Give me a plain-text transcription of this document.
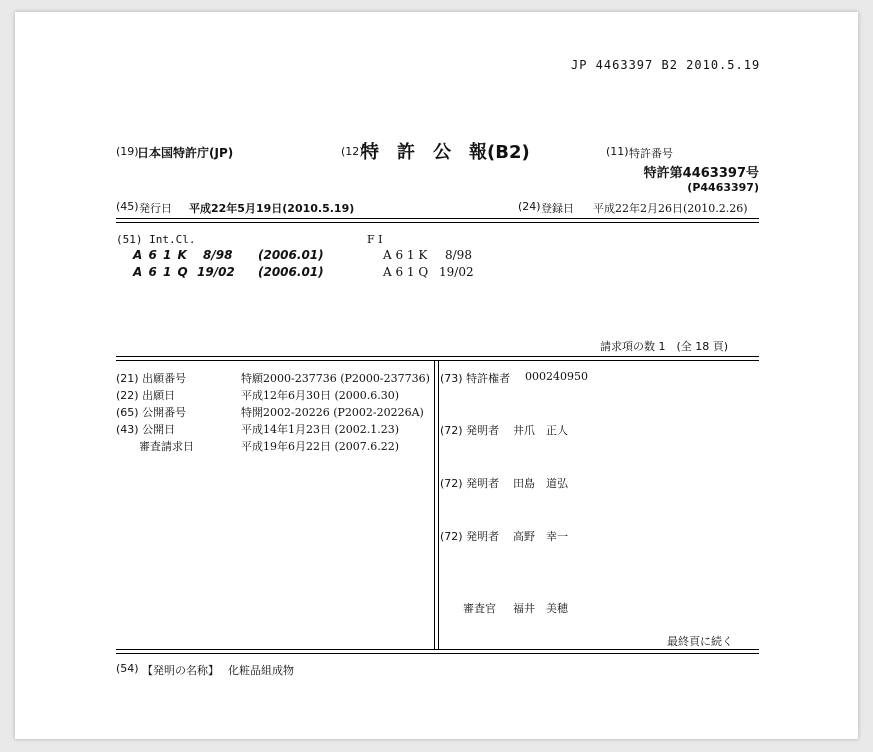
JP 4463397 B2 2010.5.19
(19)
日本国特許庁(JP)	(12)
特　許　公　報(B2)	(11) 特許番号
特許第4463397号
(P4463397)
(45) 発行日 平成22年5月19日(2010.5.19)	(24) 登録日 平成22年2月26日(2010.2.26)
(51) Int.Cl.	F I
A 6 1 K 8/98 (2006.01)	A 6 1 K 8/98
A 6 1 Q 19/02 (2006.01)	A 6 1 Q 19/02
請求項の数 1　(全 18 頁)
(21) 出願番号	特願2000-237736 (P2000-237736)
(22) 出願日	平成12年6月30日 (2000.6.30)
(65) 公開番号	特開2002-20226 (P2002-20226A)
(43) 公開日	平成14年1月23日 (2002.1.23)
審査請求日	平成19年6月22日 (2007.6.22)
(73) 特許権者 000240950
(72) 発明者 井爪　正人
(72) 発明者 田島　道弘
(72) 発明者 高野　幸一
審査官 福井　美穂
最終頁に続く
(54) 【発明の名称】 化粧品組成物
